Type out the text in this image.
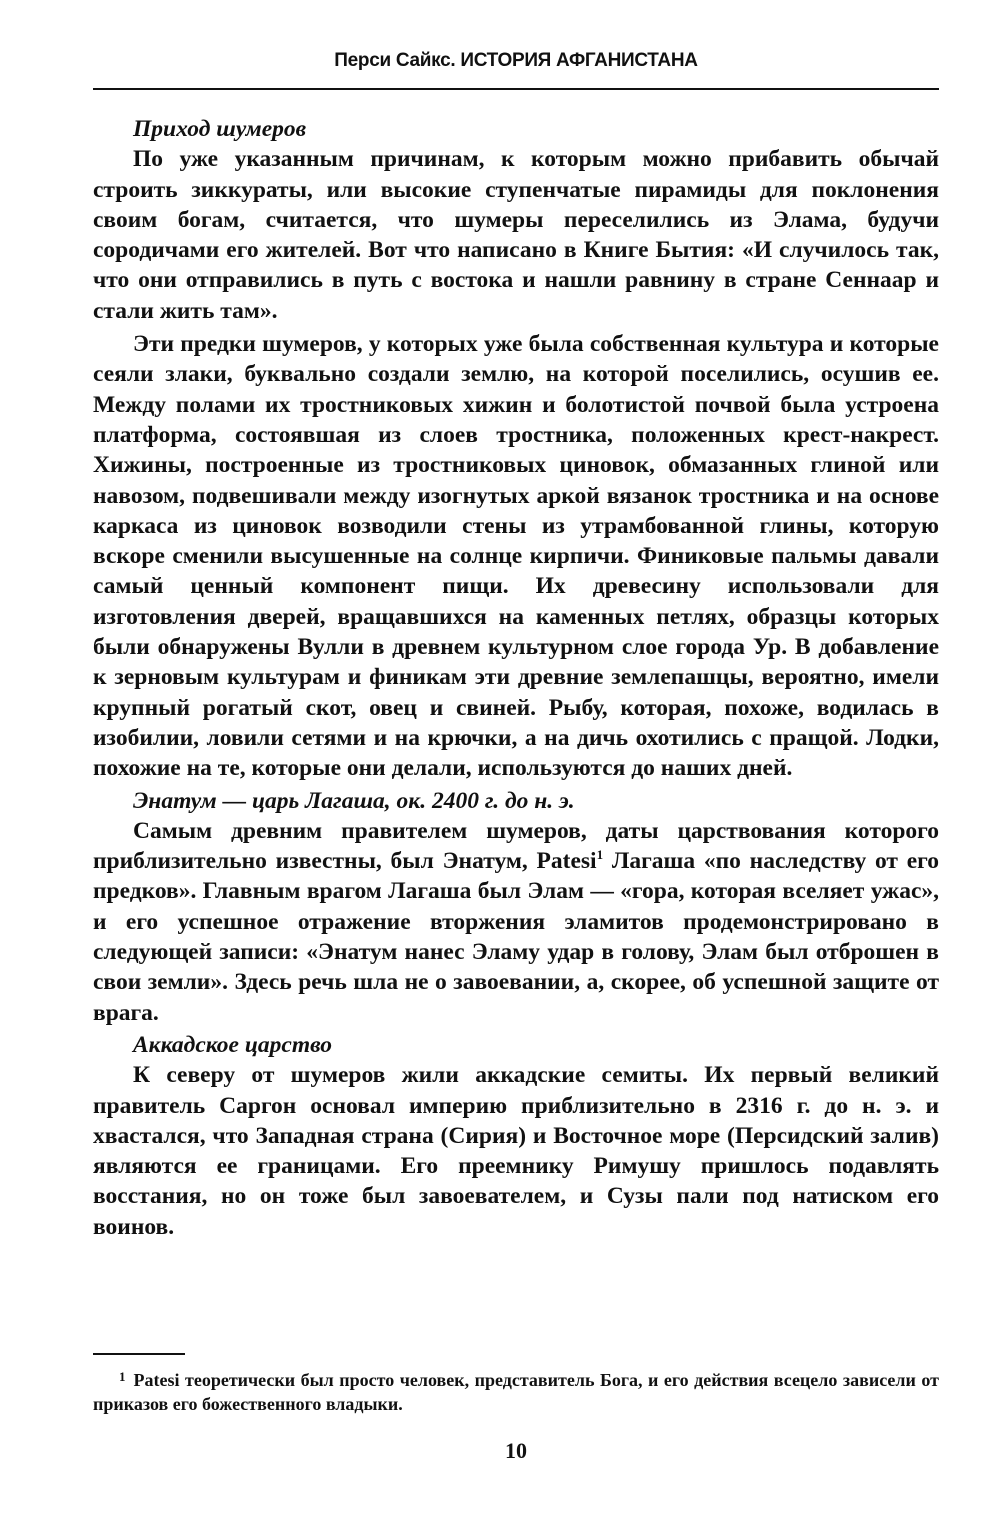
Перси Сайкс. ИСТОРИЯ АФГАНИСТАНА
Приход шумеров

По уже указанным причинам, к которым можно прибавить обычай строить зиккураты, или высокие ступенчатые пирамиды для поклонения своим богам, считается, что шумеры переселились из Элама, будучи сородичами его жителей. Вот что написано в Книге Бытия: «И случилось так, что они отправились в путь с востока и нашли равнину в стране Сеннаар и стали жить там».

Эти предки шумеров, у которых уже была собственная культура и которые сеяли злаки, буквально создали землю, на которой поселились, осушив ее. Между полами их тростниковых хижин и болотистой почвой была устроена платформа, состоявшая из слоев тростника, положенных крест-накрест. Хижины, построенные из тростниковых циновок, обмазанных глиной или навозом, подвешивали между изогнутых аркой вязанок тростника и на основе каркаса из циновок возводили стены из утрамбованной глины, которую вскоре сменили высушенные на солнце кирпичи. Финиковые пальмы давали самый ценный компонент пищи. Их древесину использовали для изготовления дверей, вращавшихся на каменных петлях, образцы которых были обнаружены Вулли в древнем культурном слое города Ур. В добавление к зерновым культурам и финикам эти древние землепашцы, вероятно, имели крупный рогатый скот, овец и свиней. Рыбу, которая, похоже, водилась в изобилии, ловили сетями и на крючки, а на дичь охотились с пращой. Лодки, похожие на те, которые они делали, используются до наших дней.

Энатум — царь Лагаша, ок. 2400 г. до н. э.

Самым древним правителем шумеров, даты царствования которого приблизительно известны, был Энатум, Patesi$^1$ Лагаша «по наследству от его предков». Главным врагом Лагаша был Элам — «гора, которая вселяет ужас», и его успешное отражение вторжения эламитов продемонстрировано в следующей записи: «Энатум нанес Эламу удар в голову, Элам был отброшен в свои земли». Здесь речь шла не о завоевании, а, скорее, об успешной защите от врага.

Аккадское царство

К северу от шумеров жили аккадские семиты. Их первый великий правитель Саргон основал империю приблизительно в 2316 г. до н. э. и хвастался, что Западная страна (Сирия) и Восточное море (Персидский залив) являются ее границами. Его преемнику Римушу пришлось подавлять восстания, но он тоже был завоевателем, и Сузы пали под натиском его воинов.

$^1$ Patesi теоретически был просто человек, представитель Бога, и его действия всецело зависели от приказов его божественного владыки.
10
